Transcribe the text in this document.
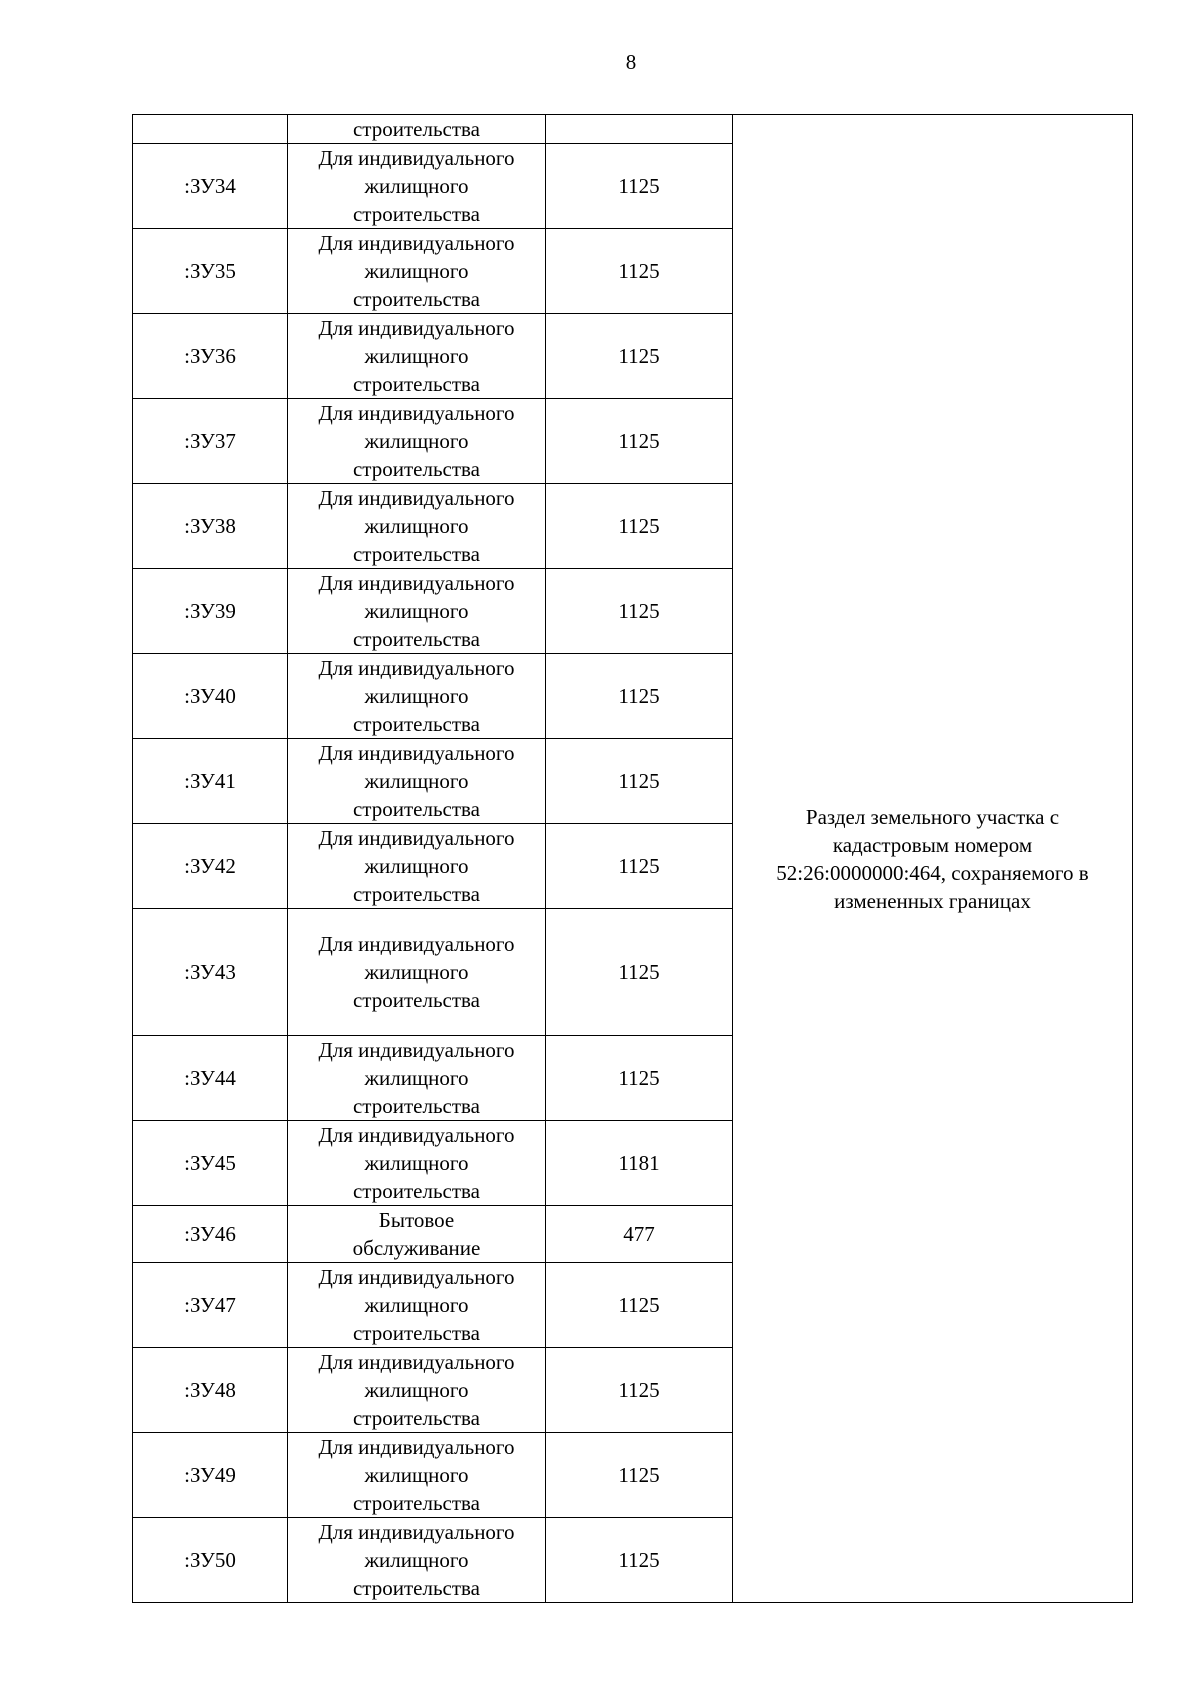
8
	строительства		Раздел земельного участка с
кадастровым номером
52:26:0000000:464, сохраняемого в
измененных границах
:ЗУ34	Для индивидуального
жилищного
строительства	1125	
:ЗУ35	Для индивидуального
жилищного
строительства	1125	
:ЗУ36	Для индивидуального
жилищного
строительства	1125	
:ЗУ37	Для индивидуального
жилищного
строительства	1125	
:ЗУ38	Для индивидуального
жилищного
строительства	1125	
:ЗУ39	Для индивидуального
жилищного
строительства	1125	
:ЗУ40	Для индивидуального
жилищного
строительства	1125	
:ЗУ41	Для индивидуального
жилищного
строительства	1125	
:ЗУ42	Для индивидуального
жилищного
строительства	1125	
:ЗУ43	Для индивидуального
жилищного
строительства	1125	
:ЗУ44	Для индивидуального
жилищного
строительства	1125	
:ЗУ45	Для индивидуального
жилищного
строительства	1181	
:ЗУ46	Бытовое
обслуживание	477	
:ЗУ47	Для индивидуального
жилищного
строительства	1125	
:ЗУ48	Для индивидуального
жилищного
строительства	1125	
:ЗУ49	Для индивидуального
жилищного
строительства	1125	
:ЗУ50	Для индивидуального
жилищного
строительства	1125	
